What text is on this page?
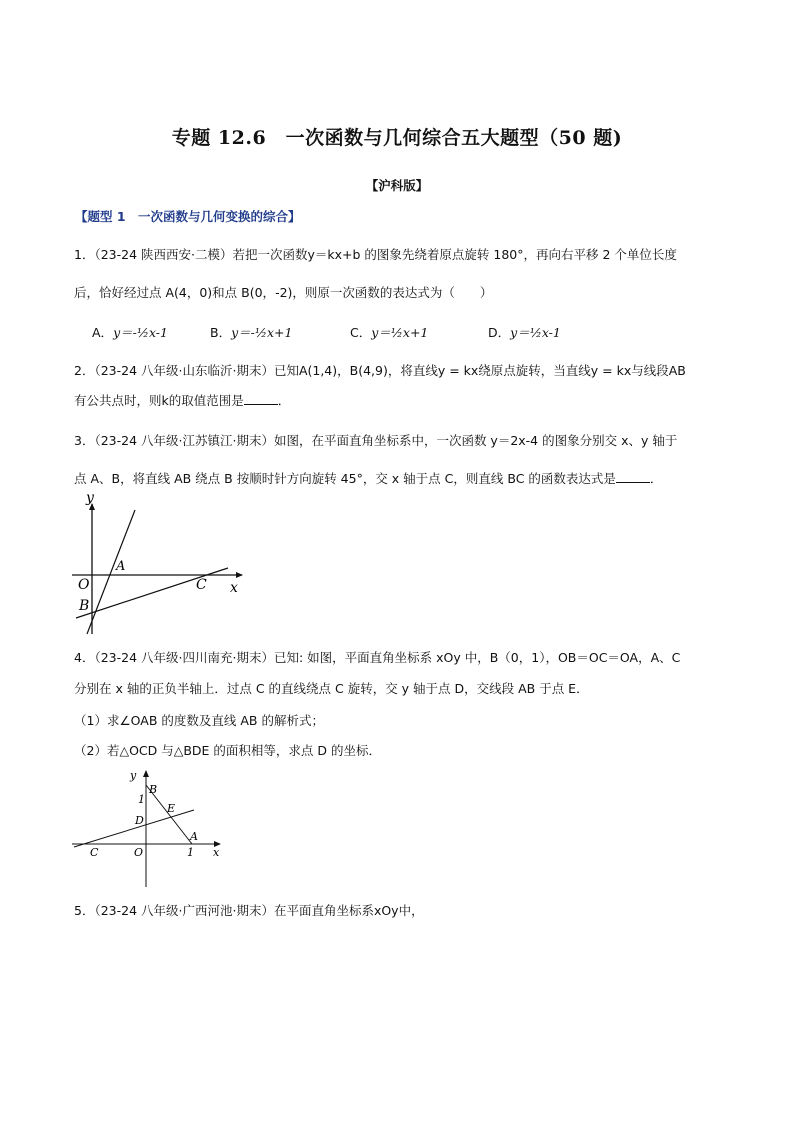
专题 12.6　一次函数与几何综合五大题型（50 题)
【沪科版】
【题型 1　一次函数与几何变换的综合】
1．（23-24 陕西西安·二模）若把一次函数y＝kx+b 的图象先绕着原点旋转 180°，再向右平移 2 个单位长度
后，恰好经过点 A(4，0)和点 B(0，-2)，则原一次函数的表达式为（　　）
A．y＝-½x-1	B．y＝-½x+1	C．y＝½x+1	D．y＝½x-1
2．（23-24 八年级·山东临沂·期末）已知A(1,4)，B(4,9)，将直线y = kx绕原点旋转，当直线y = kx与线段AB
有公共点时，则k的取值范围是	．
3．（23-24 八年级·江苏镇江·期末）如图，在平面直角坐标系中，一次函数 y＝2x-4 的图象分别交 x、y 轴于
点 A、B，将直线 AB 绕点 B 按顺时针方向旋转 45°，交 x 轴于点 C，则直线 BC 的函数表达式是	．
y
x
O
A
B
C
4．（23-24 八年级·四川南充·期末）已知: 如图，平面直角坐标系 xOy 中，B（0，1），OB＝OC＝OA，A、C
分别在 x 轴的正负半轴上．过点 C 的直线绕点 C 旋转，交 y 轴于点 D，交线段 AB 于点 E．
（1）求∠OAB 的度数及直线 AB 的解析式；
（2）若△OCD 与△BDE 的面积相等，求点 D 的坐标．
y
x
B
1
E
D
A
C	O	1
5．（23-24 八年级·广西河池·期末）在平面直角坐标系xOy中，
